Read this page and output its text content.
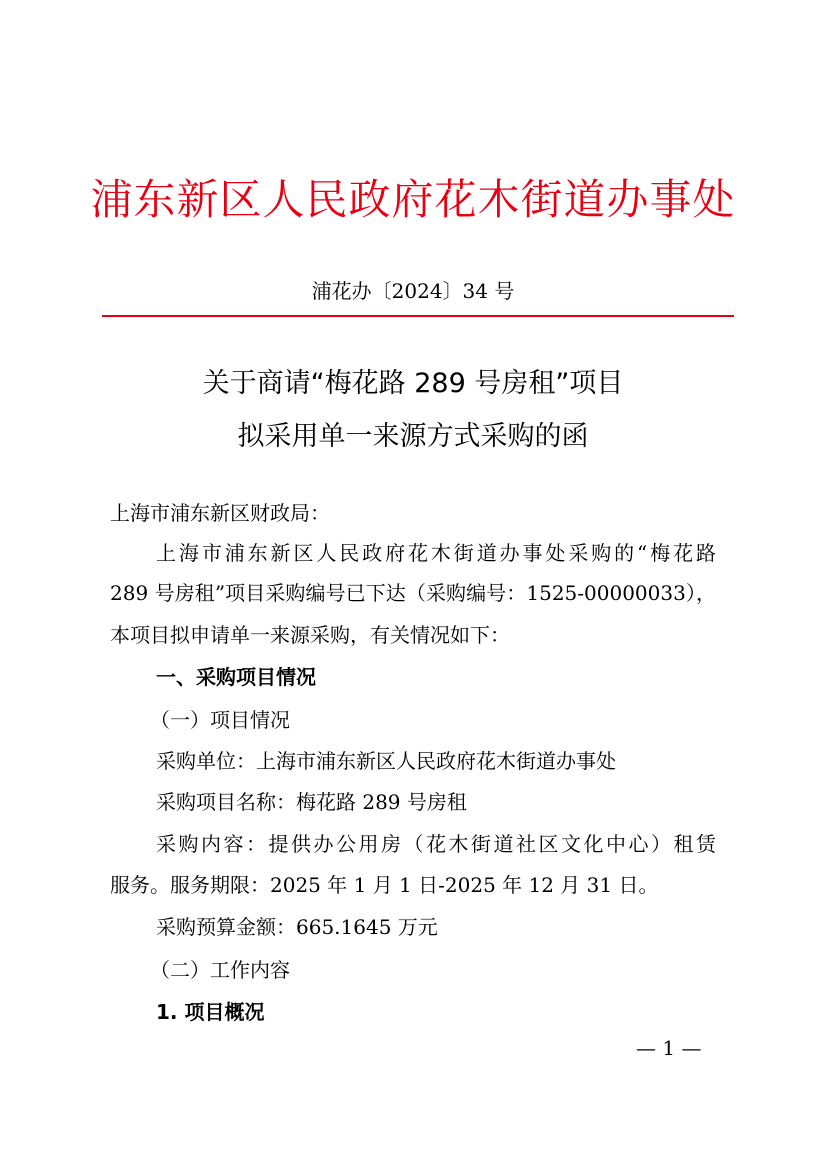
浦东新区人民政府花木街道办事处
浦花办〔2024〕34 号
关于商请“梅花路 289 号房租”项目
拟采用单一来源方式采购的函
上海市浦东新区财政局：
上海市浦东新区人民政府花木街道办事处采购的“梅花路
289 号房租”项目采购编号已下达（采购编号：1525-00000033），
本项目拟申请单一来源采购，有关情况如下：
一、采购项目情况
（一）项目情况
采购单位：上海市浦东新区人民政府花木街道办事处
采购项目名称：梅花路 289 号房租
采购内容：提供办公用房（花木街道社区文化中心）租赁
服务。服务期限：2025 年 1 月 1 日-2025 年 12 月 31 日。
采购预算金额：665.1645 万元
（二）工作内容
1. 项目概况
— 1 —
